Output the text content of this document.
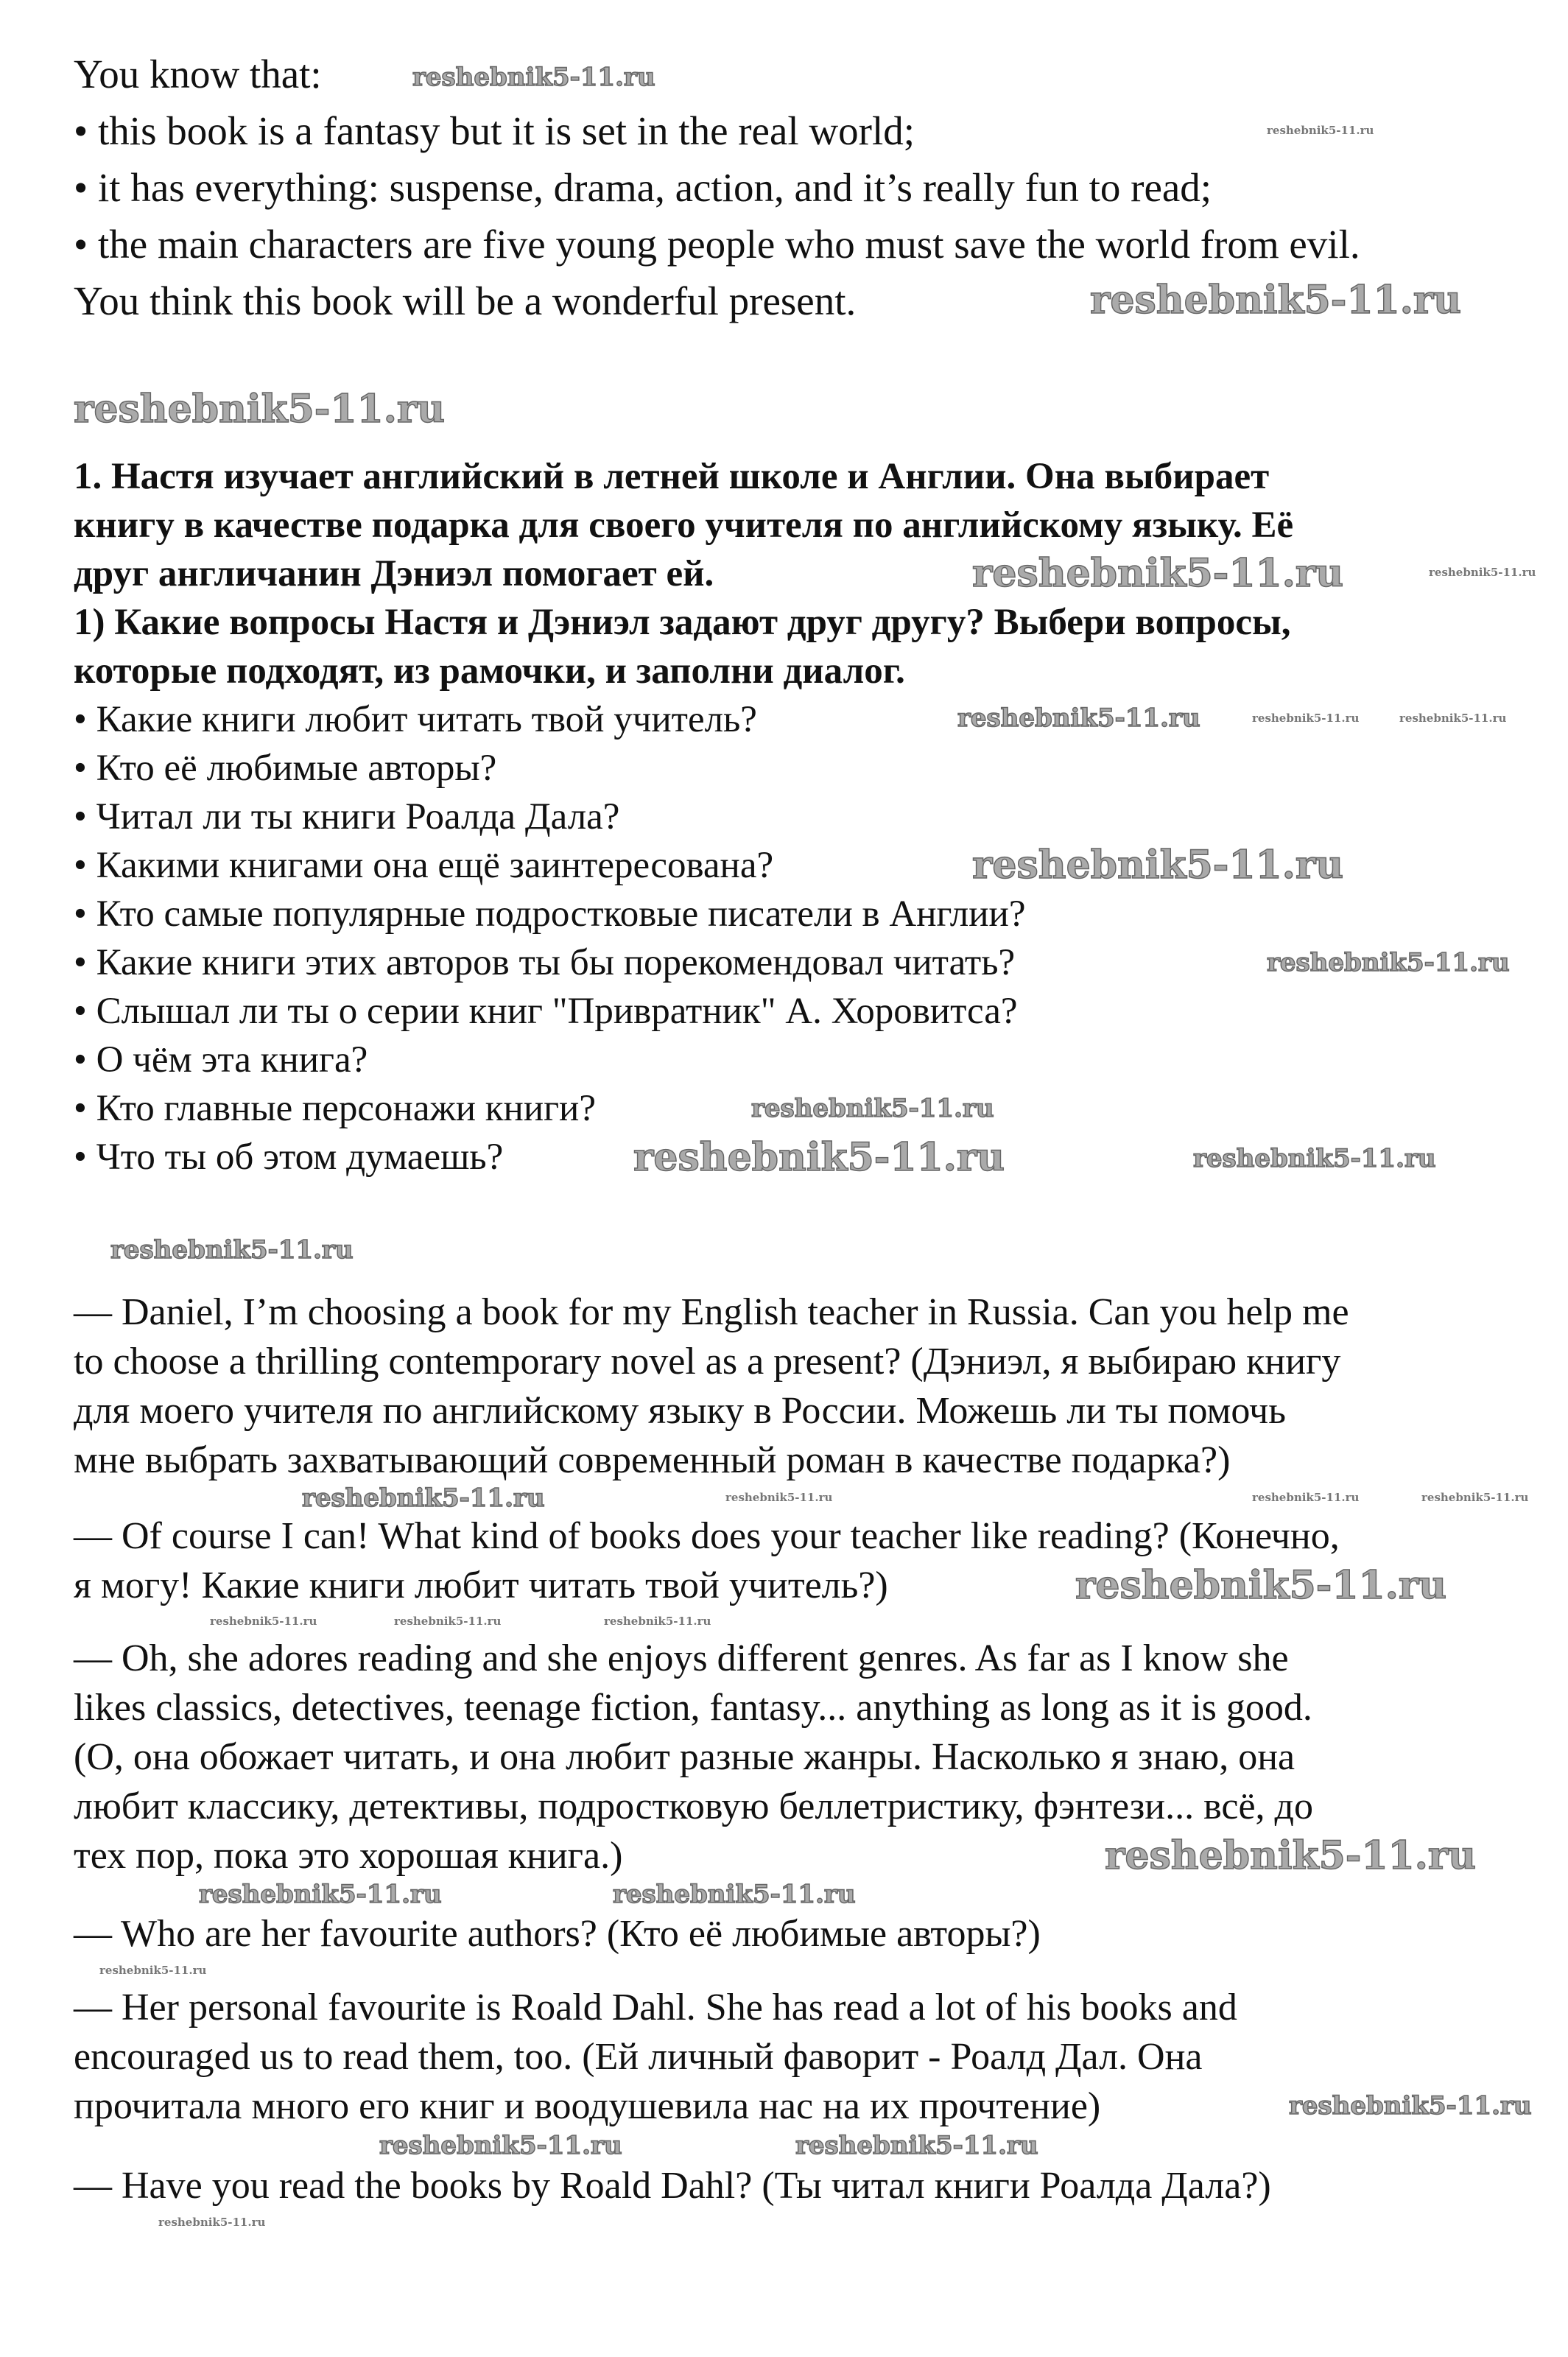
You know that:
• this book is a fantasy but it is set in the real world;
• it has everything: suspense, drama, action, and it’s really fun to read;
• the main characters are five young people who must save the world from evil.
You think this book will be a wonderful present.
1. Настя изучает английский в летней школе и Англии. Она выбирает
книгу в качестве подарка для своего учителя по английскому языку. Её
друг англичанин Дэниэл помогает ей.
1) Какие вопросы Настя и Дэниэл задают друг другу? Выбери вопросы,
которые подходят, из рамочки, и заполни диалог.
• Какие книги любит читать твой учитель?
• Кто её любимые авторы?
• Читал ли ты книги Роалда Дала?
• Какими книгами она ещё заинтересована?
• Кто самые популярные подростковые писатели в Англии?
• Какие книги этих авторов ты бы порекомендовал читать?
• Слышал ли ты о серии книг "Привратник" А. Хоровитса?
• О чём эта книга?
• Кто главные персонажи книги?
• Что ты об этом думаешь?
— Daniel, I’m choosing a book for my English teacher in Russia. Can you help me
to choose a thrilling contemporary novel as a present? (Дэниэл, я выбираю книгу
для моего учителя по английскому языку в России. Можешь ли ты помочь
мне выбрать захватывающий современный роман в качестве подарка?)
— Of course I can! What kind of books does your teacher like reading? (Конечно,
я могу! Какие книги любит читать твой учитель?)
— Oh, she adores reading and she enjoys different genres. As far as I know she
likes classics, detectives, teenage fiction, fantasy... anything as long as it is good.
(О, она обожает читать, и она любит разные жанры. Насколько я знаю, она
любит классику, детективы, подростковую беллетристику, фэнтези... всё, до
тех пор, пока это хорошая книга.)
— Who are her favourite authors? (Кто её любимые авторы?)
— Her personal favourite is Roald Dahl. She has read a lot of his books and
encouraged us to read them, too. (Ей личный фаворит - Роалд Дал. Она
прочитала много его книг и воодушевила нас на их прочтение)
— Have you read the books by Roald Dahl? (Ты читал книги Роалда Дала?)
reshebnik5-11.ru
reshebnik5-11.ru
reshebnik5-11.ru
reshebnik5-11.ru
reshebnik5-11.ru	reshebnik5-11.ru
reshebnik5-11.ru
reshebnik5-11.ru	reshebnik5-11.ru
reshebnik5-11.ru
reshebnik5-11.ru
reshebnik5-11.ru
reshebnik5-11.ru	reshebnik5-11.ru
reshebnik5-11.ru
reshebnik5-11.ru	reshebnik5-11.ru
reshebnik5-11.ru	reshebnik5-11.ru
reshebnik5-11.ru
reshebnik5-11.ru	reshebnik5-11.ru	reshebnik5-11.ru
reshebnik5-11.ru
reshebnik5-11.ru	reshebnik5-11.ru
reshebnik5-11.ru
reshebnik5-11.ru
reshebnik5-11.ru	reshebnik5-11.ru
reshebnik5-11.ru
